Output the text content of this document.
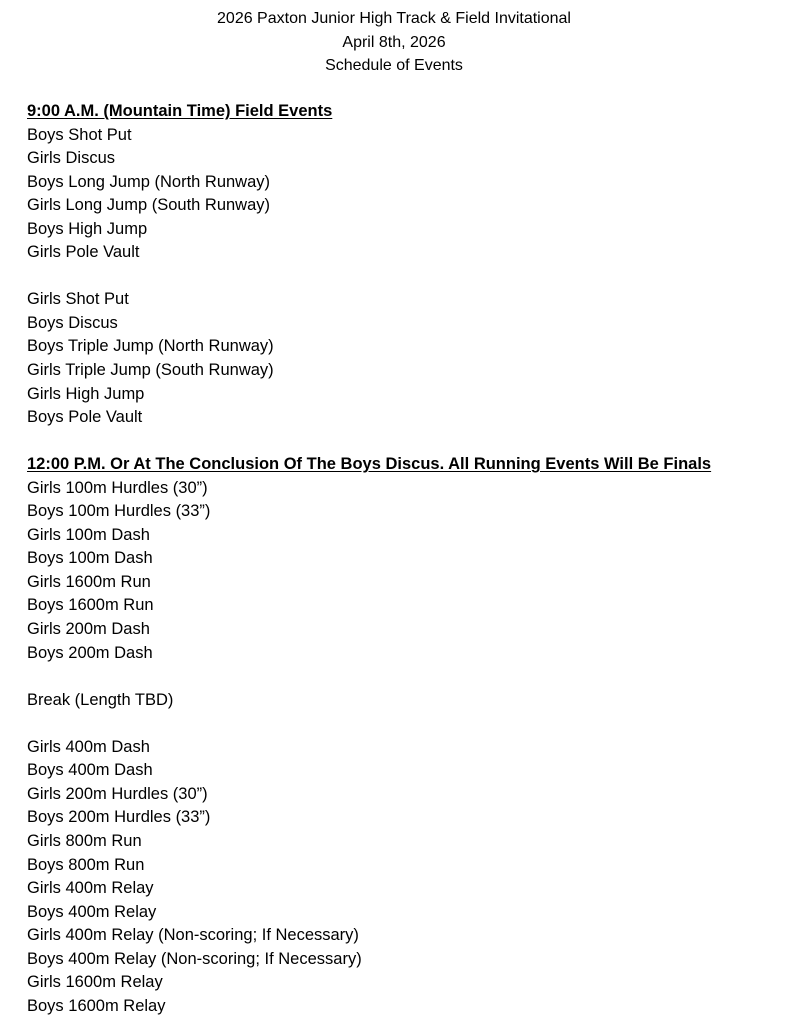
2026 Paxton Junior High Track & Field Invitational
April 8th, 2026
Schedule of Events
9:00 A.M. (Mountain Time) Field Events
Boys Shot Put
Girls Discus
Boys Long Jump (North Runway)
Girls Long Jump (South Runway)
Boys High Jump
Girls Pole Vault
Girls Shot Put
Boys Discus
Boys Triple Jump (North Runway)
Girls Triple Jump (South Runway)
Girls High Jump
Boys Pole Vault
12:00 P.M. Or At The Conclusion Of The Boys Discus. All Running Events Will Be Finals
Girls 100m Hurdles (30”)
Boys 100m Hurdles (33”)
Girls 100m Dash
Boys 100m Dash
Girls 1600m Run
Boys 1600m Run
Girls 200m Dash
Boys 200m Dash
Break (Length TBD)
Girls 400m Dash
Boys 400m Dash
Girls 200m Hurdles (30”)
Boys 200m Hurdles (33”)
Girls 800m Run
Boys 800m Run
Girls 400m Relay
Boys 400m Relay
Girls 400m Relay (Non-scoring; If Necessary)
Boys 400m Relay (Non-scoring; If Necessary)
Girls 1600m Relay
Boys 1600m Relay
